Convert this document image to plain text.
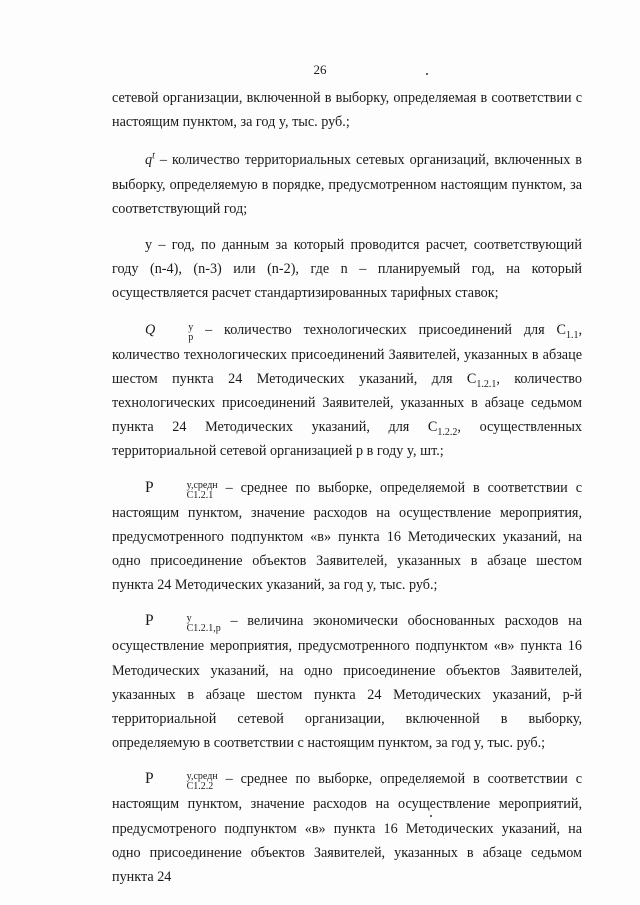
26

сетевой организации, включенной в выборку, определяемая в соответствии с настоящим пунктом, за год y, тыс. руб.;

$q^t$ – количество территориальных сетевых организаций, включенных в выборку, определяемую в порядке, предусмотренном настоящим пунктом, за соответствующий год;

y – год, по данным за который проводится расчет, соответствующий году (n-4), (n-3) или (n-2), где n – планируемый год, на который осуществляется расчет стандартизированных тарифных ставок;

Q	y
p – количество технологических присоединений для $C_{1.1}$, количество технологических присоединений Заявителей, указанных в абзаце шестом пункта 24 Методических указаний, для $C_{1.2.1}$, количество технологических присоединений Заявителей, указанных в абзаце седьмом пункта 24 Методических указаний, для $C_{1.2.2}$, осуществленных территориальной сетевой организацией p в году y, шт.;

P	y,средн
C1.2.1 – среднее по выборке, определяемой в соответствии с настоящим пунктом, значение расходов на осуществление мероприятия, предусмотренного подпунктом «в» пункта 16 Методических указаний, на одно присоединение объектов Заявителей, указанных в абзаце шестом пункта 24 Методических указаний, за год y, тыс. руб.;

P	y
C1.2.1,p – величина экономически обоснованных расходов на осуществление мероприятия, предусмотренного подпунктом «в» пункта 16 Методических указаний, на одно присоединение объектов Заявителей, указанных в абзаце шестом пункта 24 Методических указаний, p-й территориальной сетевой организации, включенной в выборку, определяемую в соответствии с настоящим пунктом, за год y, тыс. руб.;

P	y,средн
C1.2.2 – среднее по выборке, определяемой в соответствии с настоящим пунктом, значение расходов на осуществление мероприятий, предусмотреного подпунктом «в» пункта 16 Методических указаний, на одно присоединение объектов Заявителей, указанных в абзаце седьмом пункта 24
